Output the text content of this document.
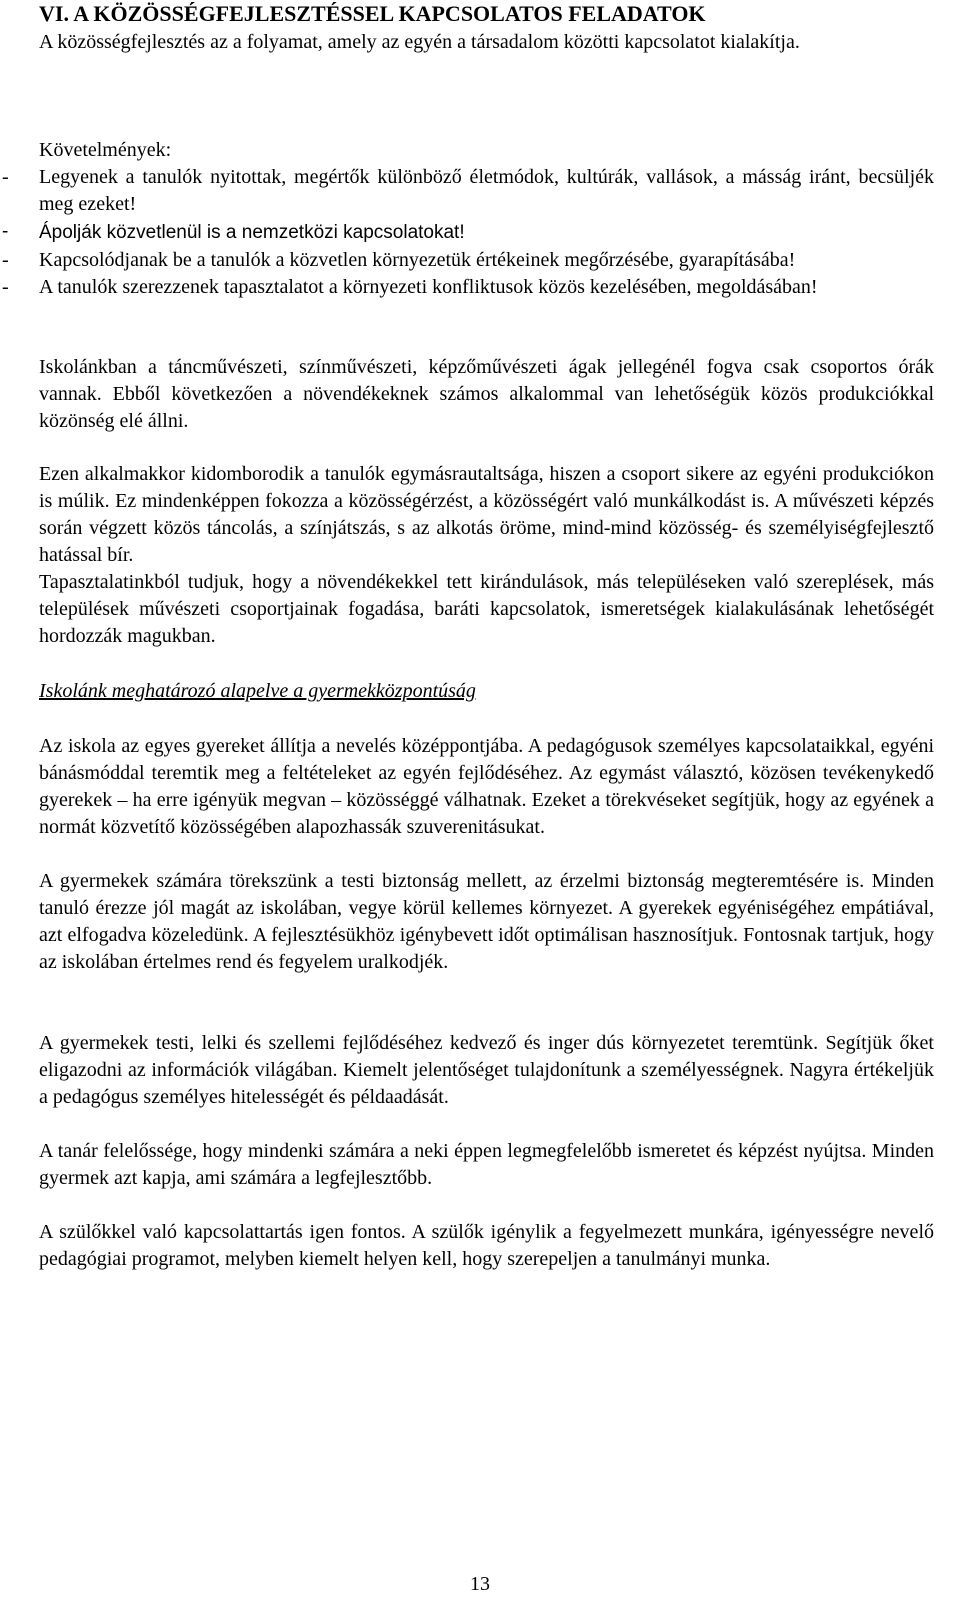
VI. A KÖZÖSSÉGFEJLESZTÉSSEL KAPCSOLATOS FELADATOK

A közösségfejlesztés az a folyamat, amely az egyén a társadalom közötti kapcsolatot kialakítja.

Követelmények:

- Legyenek a tanulók nyitottak, megértők különböző életmódok, kultúrák, vallások, a másság iránt, becsüljék meg ezeket!
- Ápolják közvetlenül is a nemzetközi kapcsolatokat!
- Kapcsolódjanak be a tanulók a közvetlen környezetük értékeinek megőrzésébe, gyarapításába!
- A tanulók szerezzenek tapasztalatot a környezeti konfliktusok közös kezelésében, megoldásában!

Iskolánkban a táncművészeti, színművészeti, képzőművészeti ágak jellegénél fogva csak csoportos órák vannak. Ebből következően a növendékeknek számos alkalommal van lehetőségük közös produkciókkal közönség elé állni.

Ezen alkalmakkor kidomborodik a tanulók egymásrautaltsága, hiszen a csoport sikere az egyéni produkciókon is múlik. Ez mindenképpen fokozza a közösségérzést, a közösségért való munkálkodást is. A művészeti képzés során végzett közös táncolás, a színjátszás, s az alkotás öröme, mind-mind közösség- és személyiségfejlesztő hatással bír.

Tapasztalatinkból tudjuk, hogy a növendékekkel tett kirándulások, más településeken való szereplések, más települések művészeti csoportjainak fogadása, baráti kapcsolatok, ismeretségek kialakulásának lehetőségét hordozzák magukban.

Iskolánk meghatározó alapelve a gyermekközpontúság

Az iskola az egyes gyereket állítja a nevelés középpontjába. A pedagógusok személyes kapcsolataikkal, egyéni bánásmóddal teremtik meg a feltételeket az egyén fejlődéséhez. Az egymást választó, közösen tevékenykedő gyerekek – ha erre igényük megvan – közösséggé válhatnak. Ezeket a törekvéseket segítjük, hogy az egyének a normát közvetítő közösségében alapozhassák szuverenitásukat.

A gyermekek számára törekszünk a testi biztonság mellett, az érzelmi biztonság megteremtésére is. Minden tanuló érezze jól magát az iskolában, vegye körül kellemes környezet. A gyerekek egyéniségéhez empátiával, azt elfogadva közeledünk. A fejlesztésükhöz igénybevett időt optimálisan hasznosítjuk. Fontosnak tartjuk, hogy az iskolában értelmes rend és fegyelem uralkodjék.

A gyermekek testi, lelki és szellemi fejlődéséhez kedvező és inger dús környezetet teremtünk. Segítjük őket eligazodni az információk világában. Kiemelt jelentőséget tulajdonítunk a személyességnek. Nagyra értékeljük a pedagógus személyes hitelességét és példaadását.

A tanár felelőssége, hogy mindenki számára a neki éppen legmegfelelőbb ismeretet és képzést nyújtsa. Minden gyermek azt kapja, ami számára a legfejlesztőbb.

A szülőkkel való kapcsolattartás igen fontos. A szülők igénylik a fegyelmezett munkára, igényességre nevelő pedagógiai programot, melyben kiemelt helyen kell, hogy szerepeljen a tanulmányi munka.

13
